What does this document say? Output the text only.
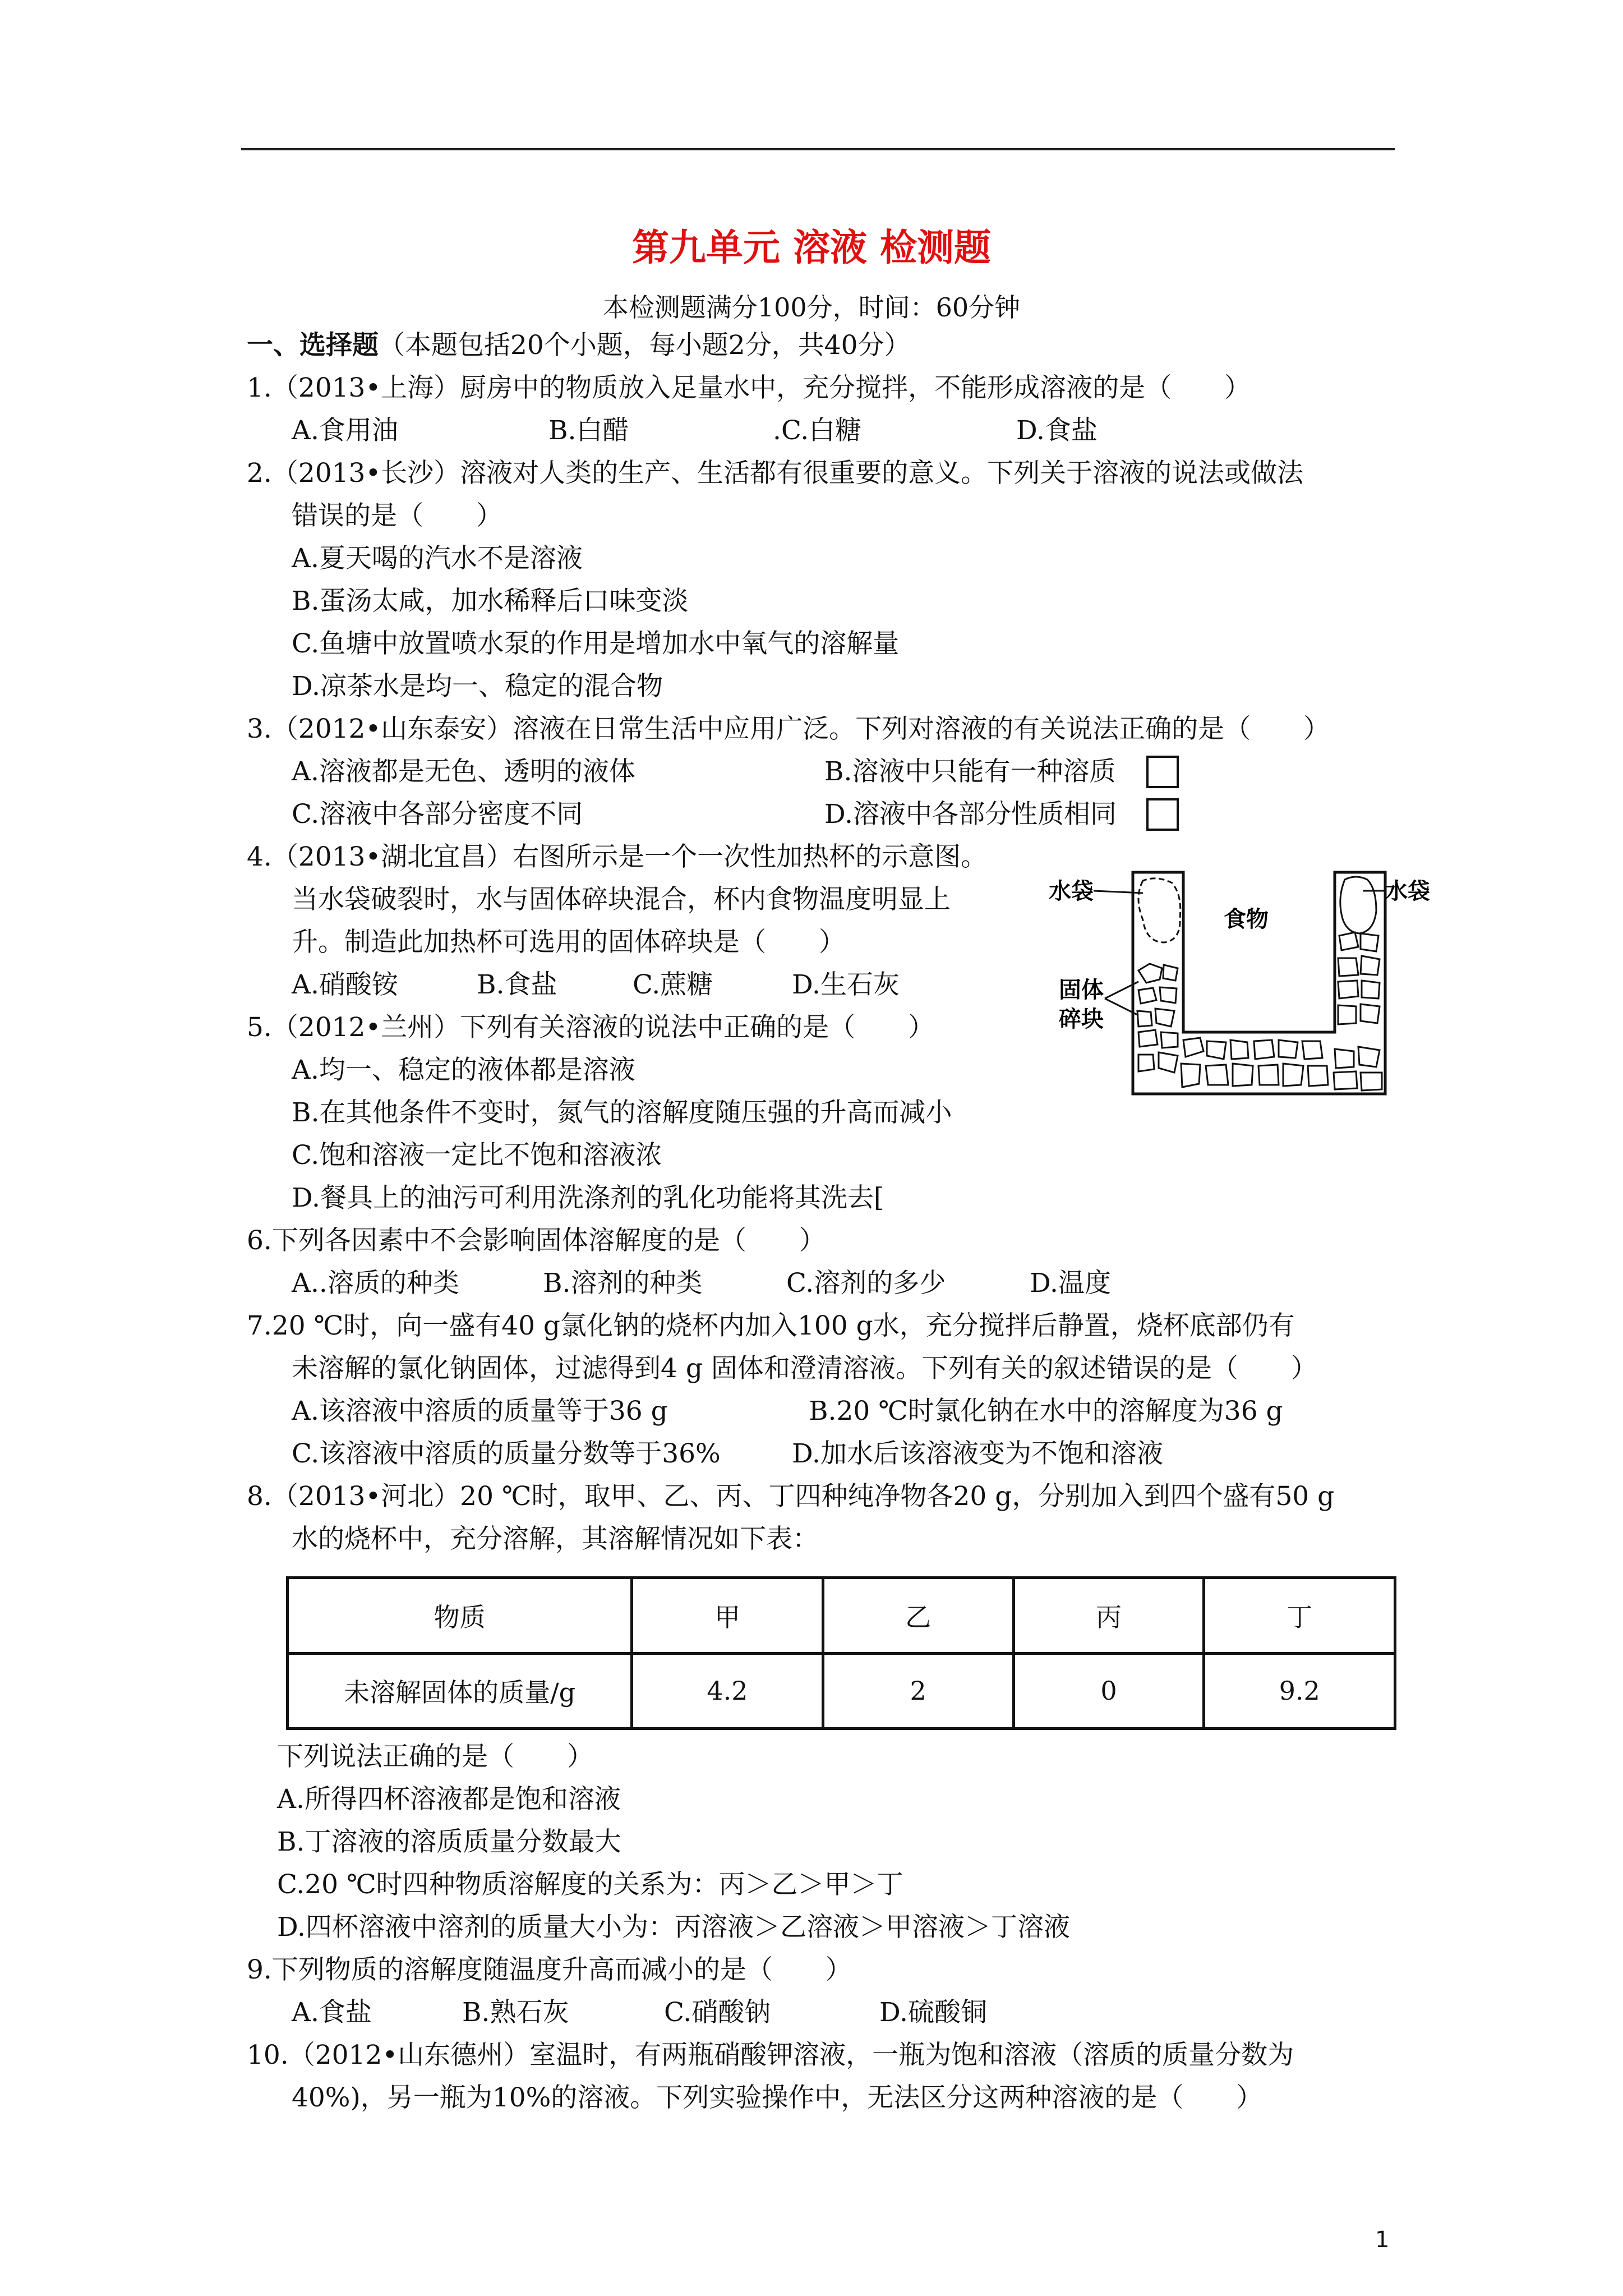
第九单元 溶液 检测题
本检测题满分100分，时间：60分钟
一、选择题（本题包括20个小题，每小题2分，共40分）
1.（2013•上海）厨房中的物质放入足量水中，充分搅拌，不能形成溶液的是（　　）
A.食用油	B.白醋	.C.白糖	D.食盐
2.（2013•长沙）溶液对人类的生产、生活都有很重要的意义。下列关于溶液的说法或做法
错误的是（　　）
A.夏天喝的汽水不是溶液
B.蛋汤太咸，加水稀释后口味变淡
C.鱼塘中放置喷水泵的作用是增加水中氧气的溶解量
D.凉茶水是均一、稳定的混合物
3.（2012•山东泰安）溶液在日常生活中应用广泛。下列对溶液的有关说法正确的是（　　）
A.溶液都是无色、透明的液体	B.溶液中只能有一种溶质
C.溶液中各部分密度不同	D.溶液中各部分性质相同
4.（2013•湖北宜昌）右图所示是一个一次性加热杯的示意图。
当水袋破裂时，水与固体碎块混合，杯内食物温度明显上
升。制造此加热杯可选用的固体碎块是（　　）
A.硝酸铵	B.食盐	C.蔗糖	D.生石灰
水袋	水袋
食物
固体
碎块
5.（2012•兰州）下列有关溶液的说法中正确的是（　　）
A.均一、稳定的液体都是溶液
B.在其他条件不变时，氮气的溶解度随压强的升高而减小
C.饱和溶液一定比不饱和溶液浓
D.餐具上的油污可利用洗涤剂的乳化功能将其洗去[
6.下列各因素中不会影响固体溶解度的是（　　）
A..溶质的种类	B.溶剂的种类	C.溶剂的多少	D.温度
7.20 ℃时，向一盛有40 g氯化钠的烧杯内加入100 g水，充分搅拌后静置，烧杯底部仍有
未溶解的氯化钠固体，过滤得到4 g 固体和澄清溶液。下列有关的叙述错误的是（　　）
A.该溶液中溶质的质量等于36 g	B.20 ℃时氯化钠在水中的溶解度为36 g
C.该溶液中溶质的质量分数等于36%	D.加水后该溶液变为不饱和溶液
8.（2013•河北）20 ℃时，取甲、乙、丙、丁四种纯净物各20 g，分别加入到四个盛有50 g
水的烧杯中，充分溶解，其溶解情况如下表：
物质	甲	乙	丙	丁
未溶解固体的质量/g	4.2	2	0	9.2
下列说法正确的是（　　）
A.所得四杯溶液都是饱和溶液
B.丁溶液的溶质质量分数最大
C.20 ℃时四种物质溶解度的关系为：丙＞乙＞甲＞丁
D.四杯溶液中溶剂的质量大小为：丙溶液＞乙溶液＞甲溶液＞丁溶液
9.下列物质的溶解度随温度升高而减小的是（　　）
A.食盐	B.熟石灰	C.硝酸钠	D.硫酸铜
10.（2012•山东德州）室温时，有两瓶硝酸钾溶液，一瓶为饱和溶液（溶质的质量分数为
40%)，另一瓶为10%的溶液。下列实验操作中，无法区分这两种溶液的是（　　）
1
